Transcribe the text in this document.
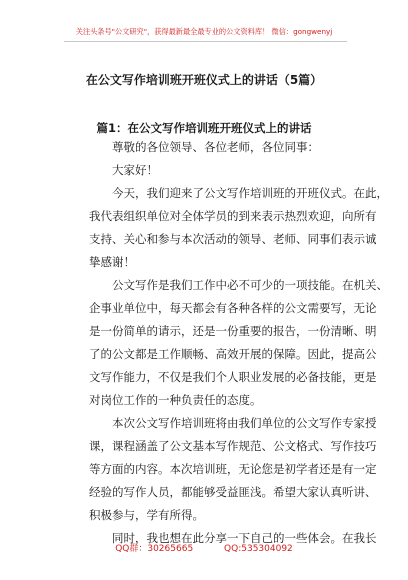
关注头条号"公文研究"，获得最新最全最专业的公文资料库！ 微信：gongwenyj
在公文写作培训班开班仪式上的讲话（5篇）
篇1：在公文写作培训班开班仪式上的讲话
尊敬的各位领导、各位老师，各位同事：
大家好！
今天，我们迎来了公文写作培训班的开班仪式。在此，
我代表组织单位对全体学员的到来表示热烈欢迎，向所有
支持、关心和参与本次活动的领导、老师、同事们表示诚
挚感谢！
公文写作是我们工作中必不可少的一项技能。在机关、
企事业单位中，每天都会有各种各样的公文需要写，无论
是一份简单的请示，还是一份重要的报告，一份清晰、明
了的公文都是工作顺畅、高效开展的保障。因此，提高公
文写作能力，不仅是我们个人职业发展的必备技能，更是
对岗位工作的一种负责任的态度。
本次公文写作培训班将由我们单位的公文写作专家授
课，课程涵盖了公文基本写作规范、公文格式、写作技巧
等方面的内容。本次培训班，无论您是初学者还是有一定
经验的写作人员，都能够受益匪浅。希望大家认真听讲、
积极参与，学有所得。
同时，我也想在此分享一下自己的一些体会。在我长
QQ群：30265665	QQ:535304092
